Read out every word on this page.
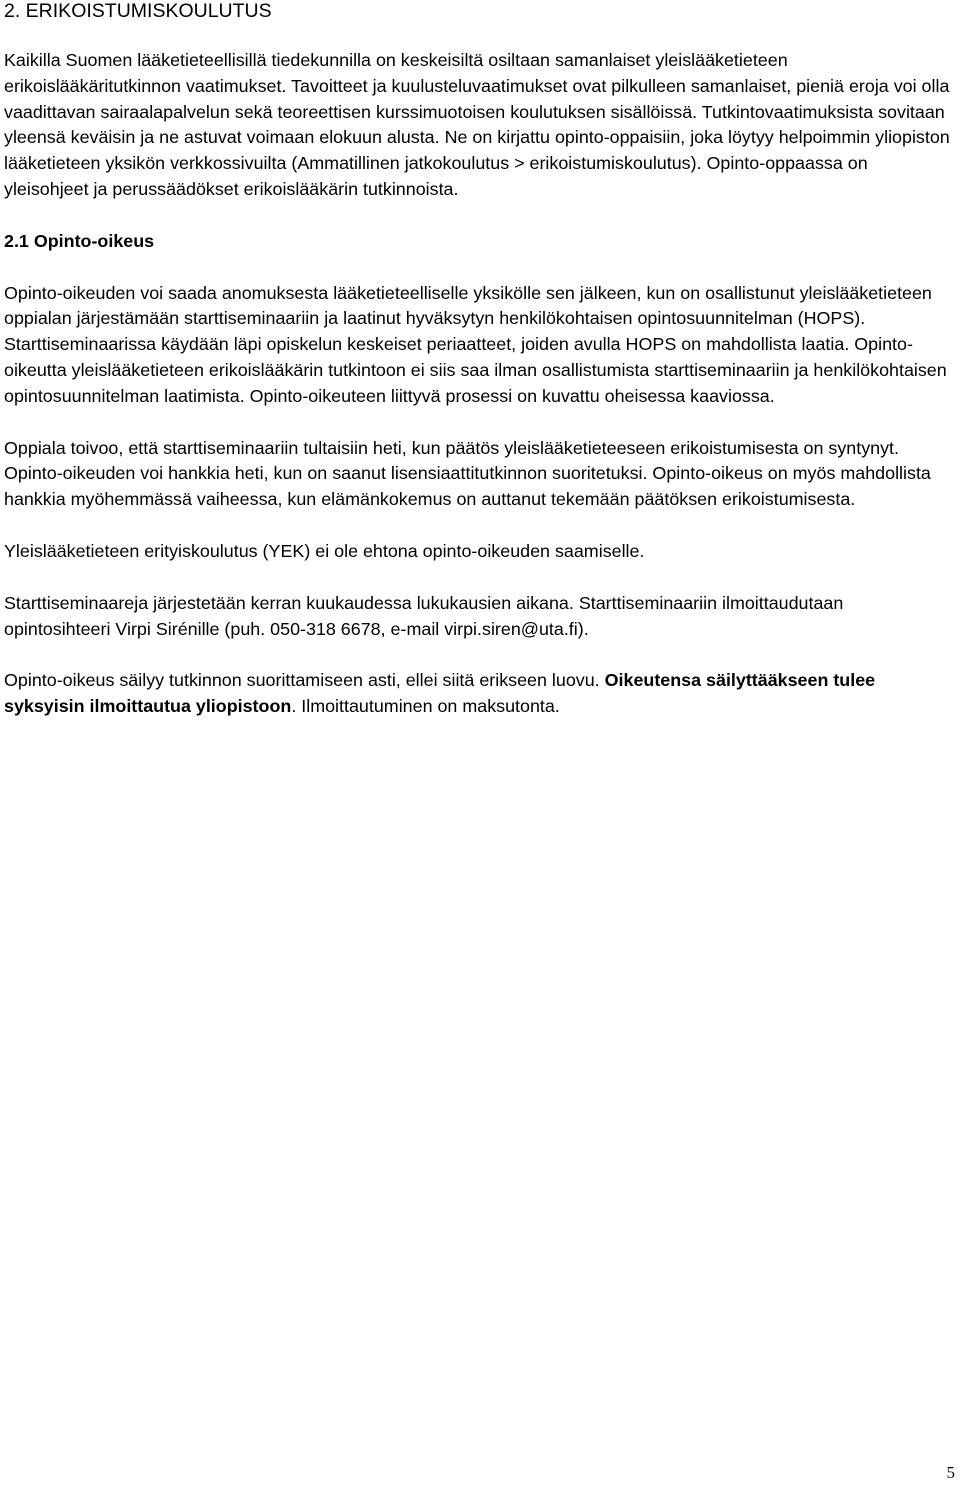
2. ERIKOISTUMISKOULUTUS

Kaikilla Suomen lääketieteellisillä tiedekunnilla on keskeisiltä osiltaan samanlaiset yleislääketieteen erikoislääkäritutkinnon vaatimukset. Tavoitteet ja kuulusteluvaatimukset ovat pilkulleen samanlaiset, pieniä eroja voi olla vaadittavan sairaalapalvelun sekä teoreettisen kurssimuotoisen koulutuksen sisällöissä. Tutkintovaatimuksista sovitaan yleensä keväisin ja ne astuvat voimaan elokuun alusta. Ne on kirjattu opinto-oppaisiin, joka löytyy helpoimmin yliopiston lääketieteen yksikön verkkossivuilta (Ammatillinen jatkokoulutus > erikoistumiskoulutus). Opinto-oppaassa on yleisohjeet ja perussäädökset erikoislääkärin tutkinnoista.

2.1 Opinto-oikeus

Opinto-oikeuden voi saada anomuksesta lääketieteelliselle yksikölle sen jälkeen, kun on osallistunut yleislääketieteen oppialan järjestämään starttiseminaariin ja laatinut hyväksytyn henkilökohtaisen opintosuunnitelman (HOPS). Starttiseminaarissa käydään läpi opiskelun keskeiset periaatteet, joiden avulla HOPS on mahdollista laatia. Opinto-oikeutta yleislääketieteen erikoislääkärin tutkintoon ei siis saa ilman osallistumista starttiseminaariin ja henkilökohtaisen opintosuunnitelman laatimista. Opinto-oikeuteen liittyvä prosessi on kuvattu oheisessa kaaviossa.

Oppiala toivoo, että starttiseminaariin tultaisiin heti, kun päätös yleislääketieteeseen erikoistumisesta on syntynyt. Opinto-oikeuden voi hankkia heti, kun on saanut lisensiaattitutkinnon suoritetuksi. Opinto-oikeus on myös mahdollista hankkia myöhemmässä vaiheessa, kun elämänkokemus on auttanut tekemään päätöksen erikoistumisesta.

Yleislääketieteen erityiskoulutus (YEK) ei ole ehtona opinto-oikeuden saamiselle.

Starttiseminaareja järjestetään kerran kuukaudessa lukukausien aikana. Starttiseminaariin ilmoittaudutaan opintosihteeri Virpi Sirénille (puh. 050-318 6678, e-mail virpi.siren@uta.fi).

Opinto-oikeus säilyy tutkinnon suorittamiseen asti, ellei siitä erikseen luovu. Oikeutensa säilyttääkseen tulee syksyisin ilmoittautua yliopistoon. Ilmoittautuminen on maksutonta.

5
